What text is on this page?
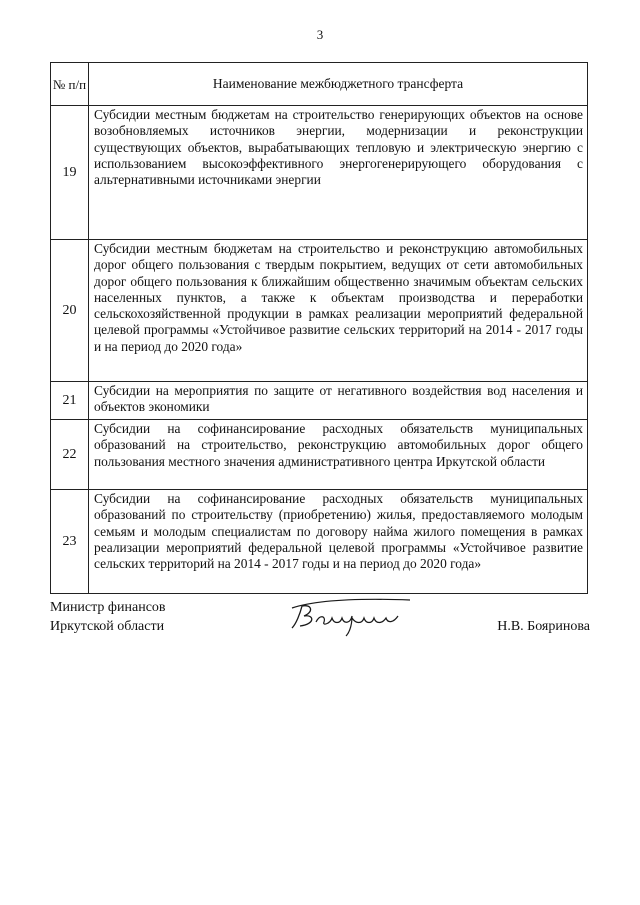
3
№ п/п	Наименование межбюджетного трансферта
19	Субсидии местным бюджетам на строительство генерирующих объектов на основе возобновляемых источников энергии, модернизации и реконструкции существующих объектов, вырабатывающих тепловую и электрическую энергию с использованием высокоэффективного энергогенерирующего оборудования с альтернативными источниками энергии
20	Субсидии местным бюджетам на строительство и реконструкцию автомобильных дорог общего пользования с твердым покрытием, ведущих от сети автомобильных дорог общего пользования к ближайшим общественно значимым объектам сельских населенных пунктов, а также к объектам производства и переработки сельскохозяйственной продукции в рамках реализации мероприятий федеральной целевой программы «Устойчивое развитие сельских территорий на 2014 - 2017 годы и на период до 2020 года»
21	Субсидии на мероприятия по защите от негативного воздействия вод населения и объектов экономики
22	Субсидии на софинансирование расходных обязательств муниципальных образований на строительство, реконструкцию автомобильных дорог общего пользования местного значения административного центра Иркутской области
23	Субсидии на софинансирование расходных обязательств муниципальных образований по строительству (приобретению) жилья, предоставляемого молодым семьям и молодым специалистам по договору найма жилого помещения в рамках реализации мероприятий федеральной целевой программы «Устойчивое развитие сельских территорий на 2014 - 2017 годы и на период до 2020 года»
Министр финансов
Иркутской области	Н.В. Бояринова
